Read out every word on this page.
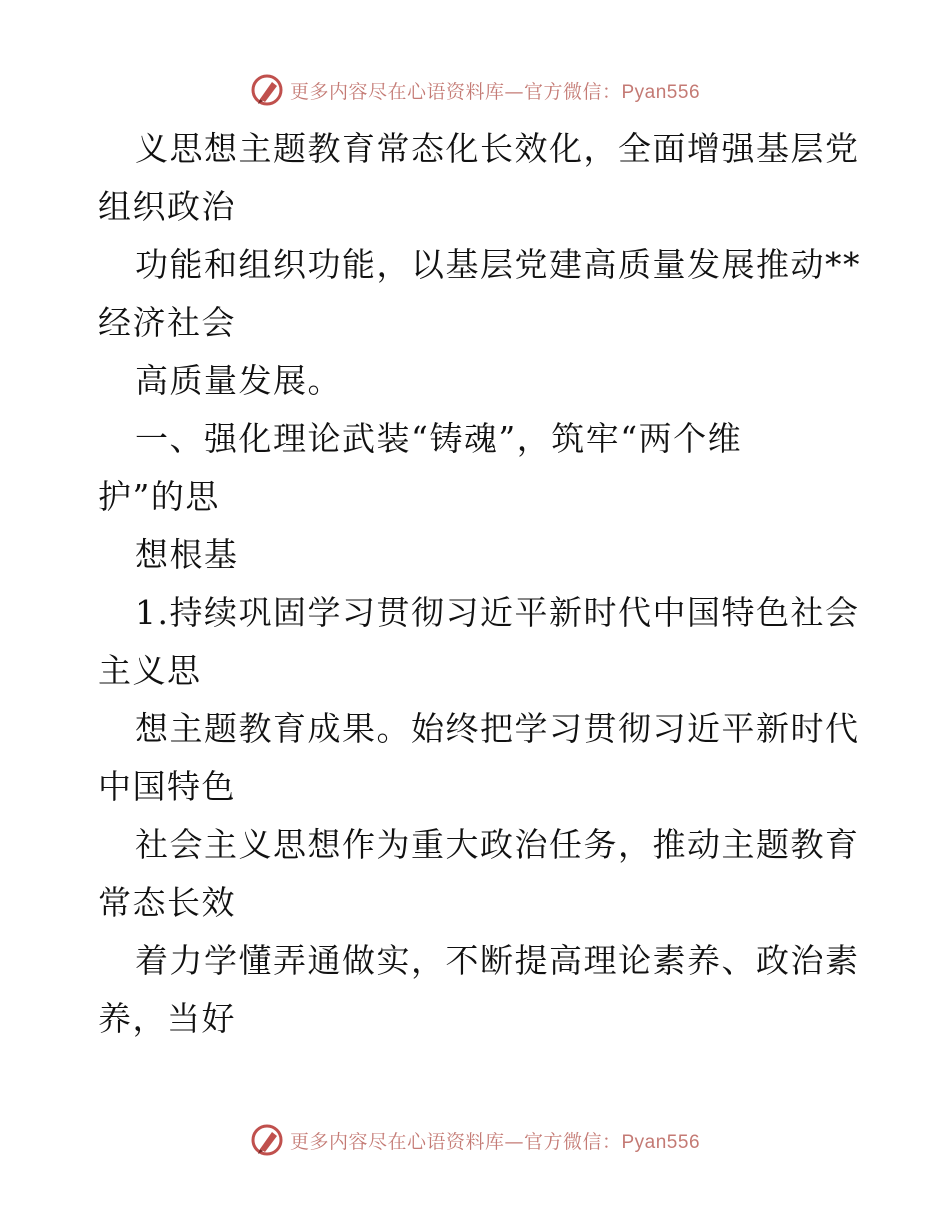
更多内容尽在心语资料库—官方微信：Pyan556
义思想主题教育常态化长效化，全面增强基层党
组织政治
功能和组织功能，以基层党建高质量发展推动**
经济社会
高质量发展。
一、强化理论武装“铸魂”，筑牢“两个维
护”的思
想根基
1.持续巩固学习贯彻习近平新时代中国特色社会
主义思
想主题教育成果。始终把学习贯彻习近平新时代
中国特色
社会主义思想作为重大政治任务，推动主题教育
常态长效
着力学懂弄通做实，不断提高理论素养、政治素
养，当好
更多内容尽在心语资料库—官方微信：Pyan556
